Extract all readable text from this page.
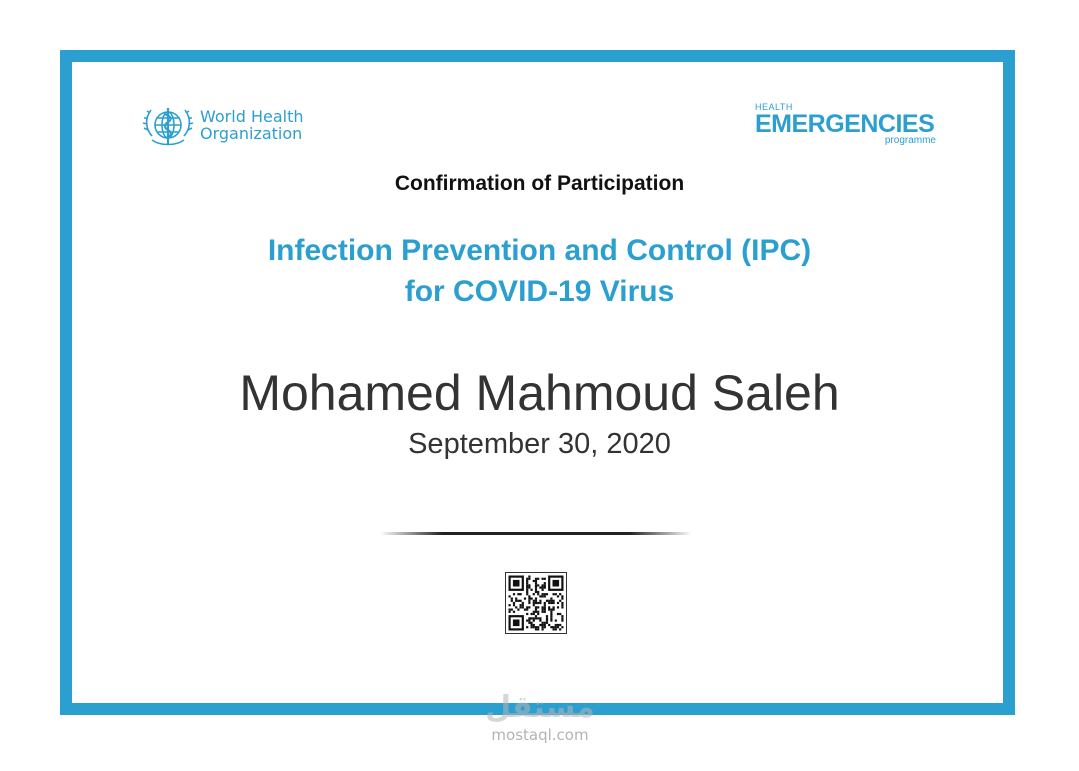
World Health
Organization
HEALTH
EMERGENCIES
programme
Confirmation of Participation
Infection Prevention and Control (IPC)
for COVID-19 Virus
Mohamed Mahmoud Saleh
September 30, 2020
مستقل
mostaql.com
